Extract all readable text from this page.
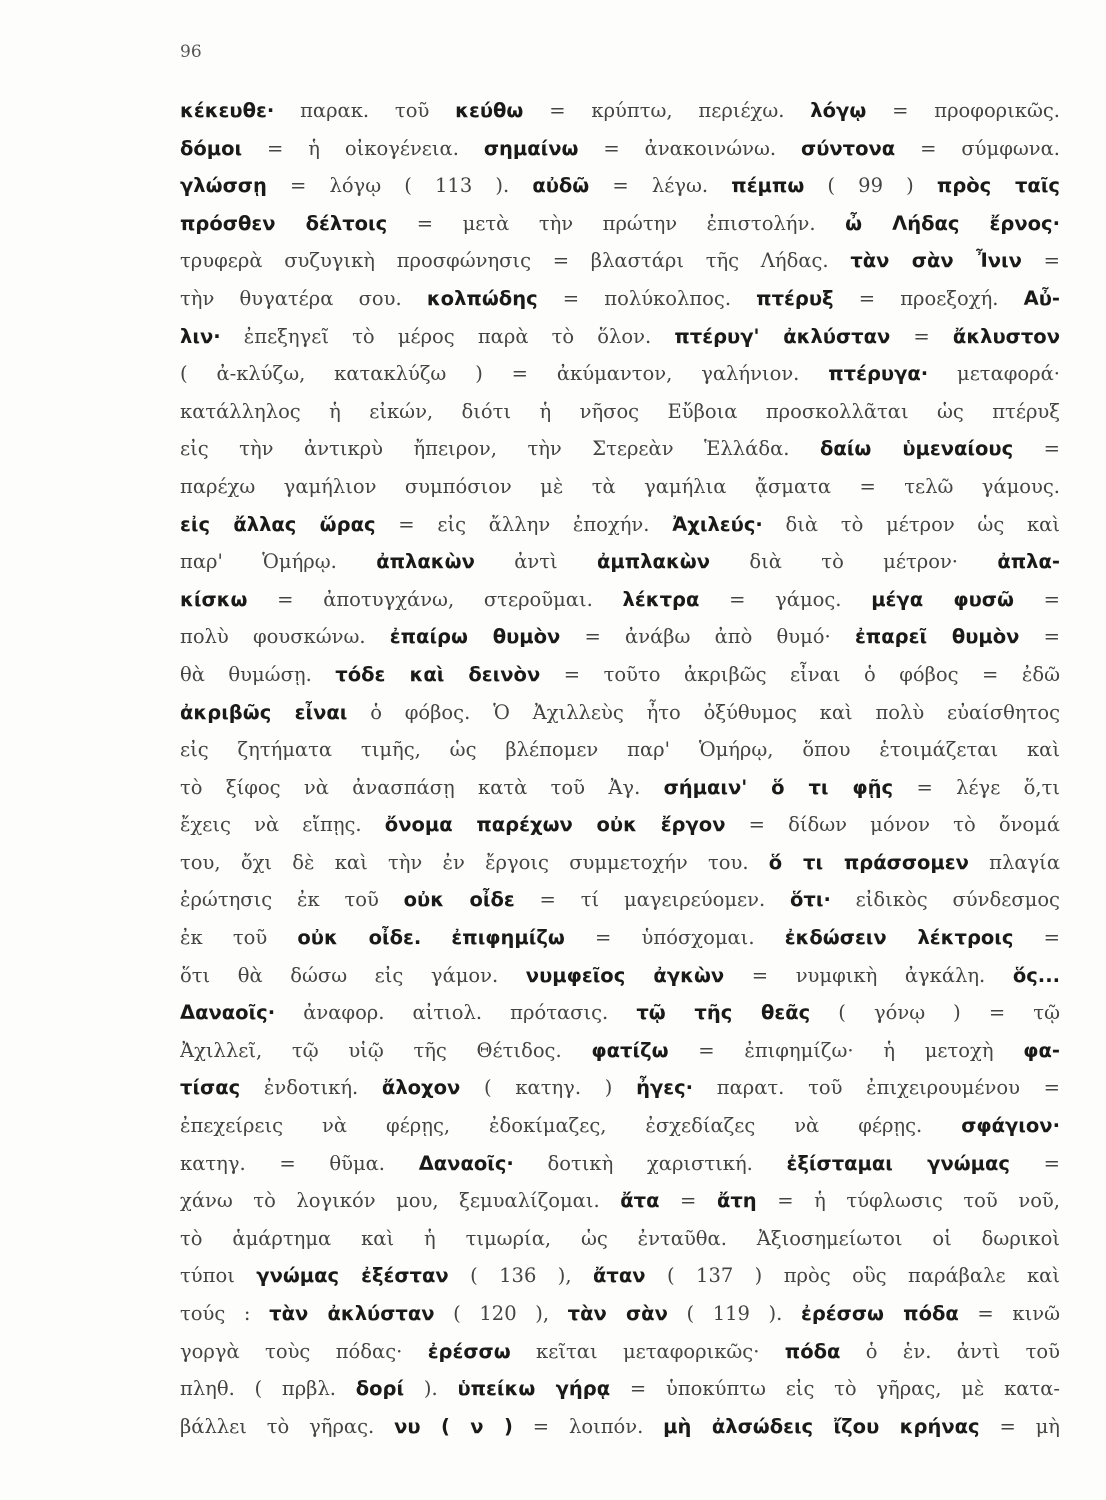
96
κέκευθε· παρακ. τοῦ κεύθω = κρύπτω, περιέχω. λόγῳ = προφορικῶς.
δόμοι = ἡ οἰκογένεια. σημαίνω = ἀνακοινώνω. σύντονα = σύμφωνα.
γλώσσῃ = λόγῳ ( 113 ). αὐδῶ = λέγω. πέμπω ( 99 ) πρὸς ταῖς
πρόσθεν δέλτοις = μετὰ τὴν πρώτην ἐπιστολήν. ὦ Λήδας ἔρνος·
τρυφερὰ συζυγικὴ προσφώνησις = βλαστάρι τῆς Λήδας. τὰν σὰν Ἶνιν =
τὴν θυγατέρα σου. κολπώδης = πολύκολπος. πτέρυξ = προεξοχή. Αὖ-
λιν· ἐπεξηγεῖ τὸ μέρος παρὰ τὸ ὅλον. πτέρυγ' ἀκλύσταν = ἄκλυστον
( ἀ-κλύζω, κατακλύζω ) = ἀκύμαντον, γαλήνιον. πτέρυγα· μεταφορά·
κατάλληλος ἡ εἰκών, διότι ἡ νῆσος Εὔβοια προσκολλᾶται ὡς πτέρυξ
εἰς τὴν ἀντικρὺ ἤπειρον, τὴν Στερεὰν Ἑλλάδα. δαίω ὑμεναίους =
παρέχω γαμήλιον συμπόσιον μὲ τὰ γαμήλια ᾄσματα = τελῶ γάμους.
εἰς ἄλλας ὥρας = εἰς ἄλλην ἐποχήν. Ἀχιλεύς· διὰ τὸ μέτρον ὡς καὶ
παρ' Ὁμήρῳ. ἀπλακὼν ἀντὶ ἀμπλακὼν διὰ τὸ μέτρον· ἀπλα-
κίσκω = ἀποτυγχάνω, στεροῦμαι. λέκτρα = γάμος. μέγα φυσῶ =
πολὺ φουσκώνω. ἐπαίρω θυμὸν = ἀνάβω ἀπὸ θυμό· ἐπαρεῖ θυμὸν =
θὰ θυμώσῃ. τόδε καὶ δεινὸν = τοῦτο ἀκριβῶς εἶναι ὁ φόβος = ἐδῶ
ἀκριβῶς εἶναι ὁ φόβος. Ὁ Ἀχιλλεὺς ἦτο ὀξύθυμος καὶ πολὺ εὐαίσθητος
εἰς ζητήματα τιμῆς, ὡς βλέπομεν παρ' Ὁμήρῳ, ὅπου ἑτοιμάζεται καὶ
τὸ ξίφος νὰ ἀνασπάσῃ κατὰ τοῦ Ἀγ. σήμαιν' ὅ τι φῇς = λέγε ὅ,τι
ἔχεις νὰ εἴπῃς. ὄνομα παρέχων οὐκ ἔργον = δίδων μόνον τὸ ὄνομά
του, ὄχι δὲ καὶ τὴν ἐν ἔργοις συμμετοχήν του. ὅ τι πράσσομεν πλαγία
ἐρώτησις ἐκ τοῦ οὐκ οἶδε = τί μαγειρεύομεν. ὅτι· εἰδικὸς σύνδεσμος
ἐκ τοῦ οὐκ οἶδε. ἐπιφημίζω = ὑπόσχομαι. ἐκδώσειν λέκτροις =
ὅτι θὰ δώσω εἰς γάμον. νυμφεῖος ἀγκὼν = νυμφικὴ ἀγκάλη. ὅς...
Δαναοῖς· ἀναφορ. αἰτιολ. πρότασις. τῷ τῆς θεᾶς ( γόνῳ ) = τῷ
Ἀχιλλεῖ, τῷ υἱῷ τῆς Θέτιδος. φατίζω = ἐπιφημίζω· ἡ μετοχὴ φα-
τίσας ἐνδοτική. ἄλοχον ( κατηγ. ) ἦγες· παρατ. τοῦ ἐπιχειρουμένου =
ἐπεχείρεις νὰ φέρῃς, ἐδοκίμαζες, ἐσχεδίαζες νὰ φέρῃς. σφάγιον·
κατηγ. = θῦμα. Δαναοῖς· δοτικὴ χαριστική. ἐξίσταμαι γνώμας =
χάνω τὸ λογικόν μου, ξεμυαλίζομαι. ἄτα = ἄτη = ἡ τύφλωσις τοῦ νοῦ,
τὸ ἁμάρτημα καὶ ἡ τιμωρία, ὡς ἐνταῦθα. Ἀξιοσημείωτοι οἱ δωρικοὶ
τύποι γνώμας ἐξέσταν ( 136 ), ἄταν ( 137 ) πρὸς οὓς παράβαλε καὶ
τούς : τὰν ἀκλύσταν ( 120 ), τὰν σὰν ( 119 ). ἐρέσσω πόδα = κινῶ
γοργὰ τοὺς πόδας· ἐρέσσω κεῖται μεταφορικῶς· πόδα ὁ ἑν. ἀντὶ τοῦ
πληθ. ( πρβλ. δορί ). ὑπείκω γήρᾳ = ὑποκύπτω εἰς τὸ γῆρας, μὲ κατα-
βάλλει τὸ γῆρας. νυ ( ν ) = λοιπόν. μὴ ἀλσώδεις ἴζου κρήνας = μὴ
